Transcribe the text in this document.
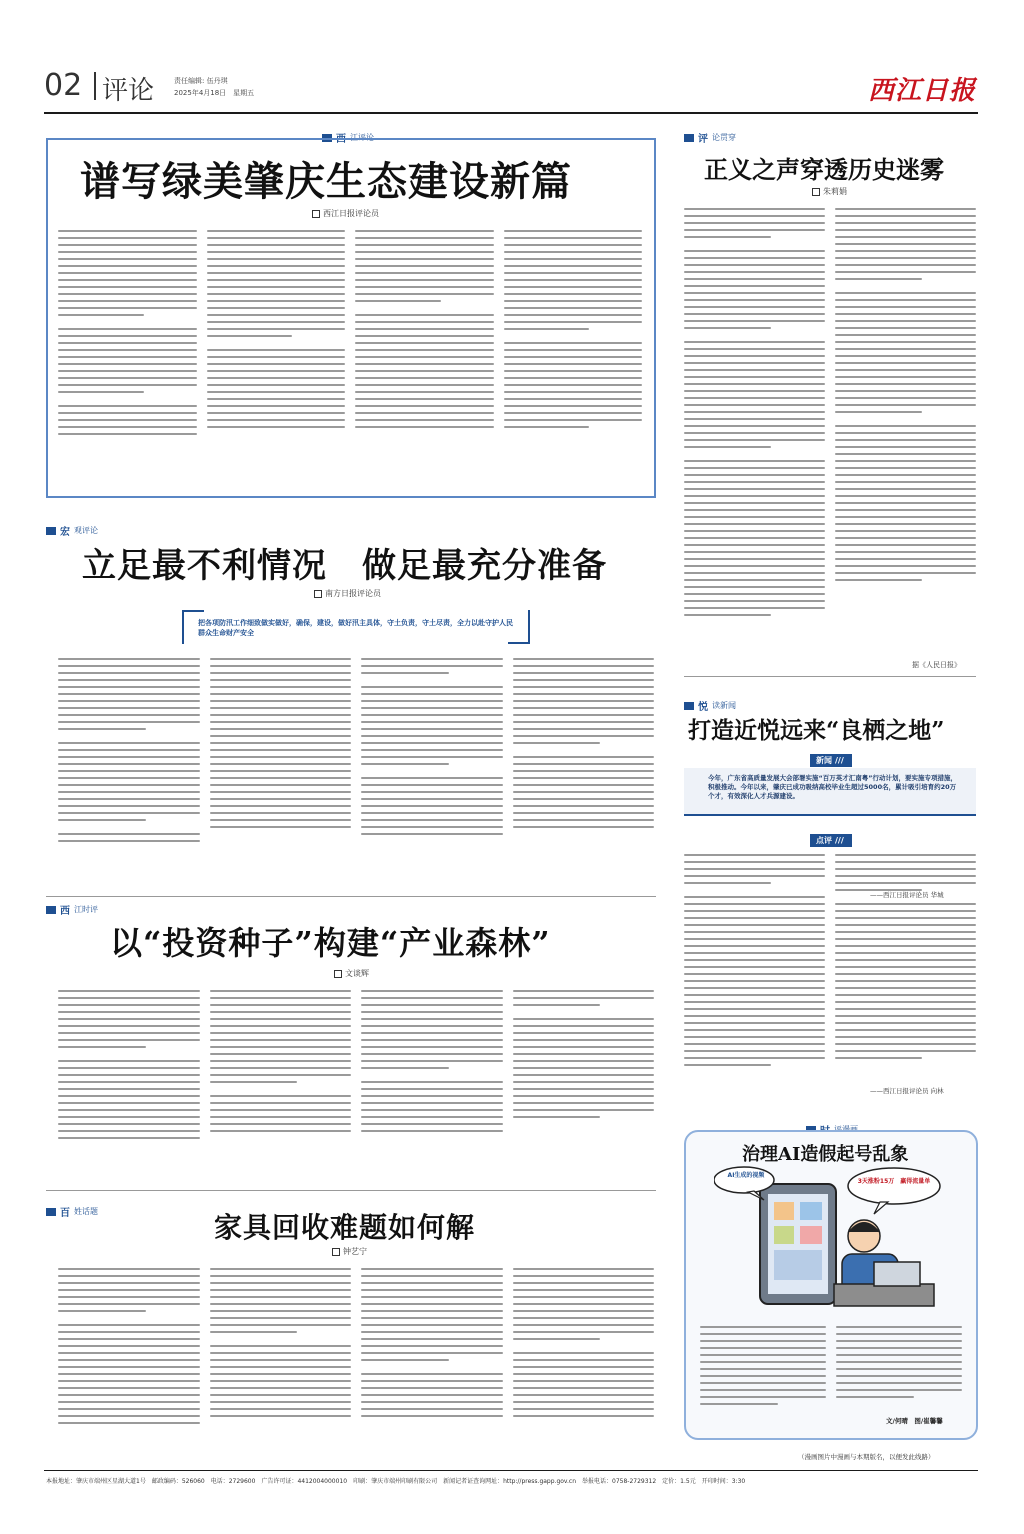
02 评论	责任编辑: 伍丹琪
2025年4月18日　星期五	西江日报
西 江评论
谱写绿美肇庆生态建设新篇
西江日报评论员
宏 观评论
立足最不利情况　做足最充分准备
南方日报评论员
把各项防汛工作细致做实做好，确保，建设，做好汛主具体，守土负责，守土尽责，全力以赴守护人民群众生命财产安全
西 江时评
以“投资种子”构建“产业森林”
文谈辉
百 姓话题	家具回收难题如何解
钟艺宁
评 论贯穿
正义之声穿透历史迷雾
朱莉娟
据《人民日报》
悦 读新闻
打造近悦远来“良栖之地”
新闻 ///
今年，广东省高质量发展大会部署实施“百万英才汇南粤”行动计划，要实施专项措施，积极推动。今年以来，肇庆已成功吸纳高校毕业生超过5000名，累计吸引培育约20万个才，有效深化人才兵源建设。
点评 ///
——西江日报评论员 华城
——西江日报评论员 向林
治理AI造假起号乱象
AI生成的视频
3天涨粉15万　赢得流量单
文/何晴　图/崔馨馨
（漫画图片中漫画与本期版名，以便发此线路）
本报地址：肇庆市端州区星湖大道1号　邮政编码：526060　电话：2729600　广告许可证：4412004000010　印刷：肇庆市端州印刷有限公司　新闻记者证查询网址：http://press.gapp.gov.cn　举报电话：0758-2729312　定价：1.5元　开印时间：3:30
